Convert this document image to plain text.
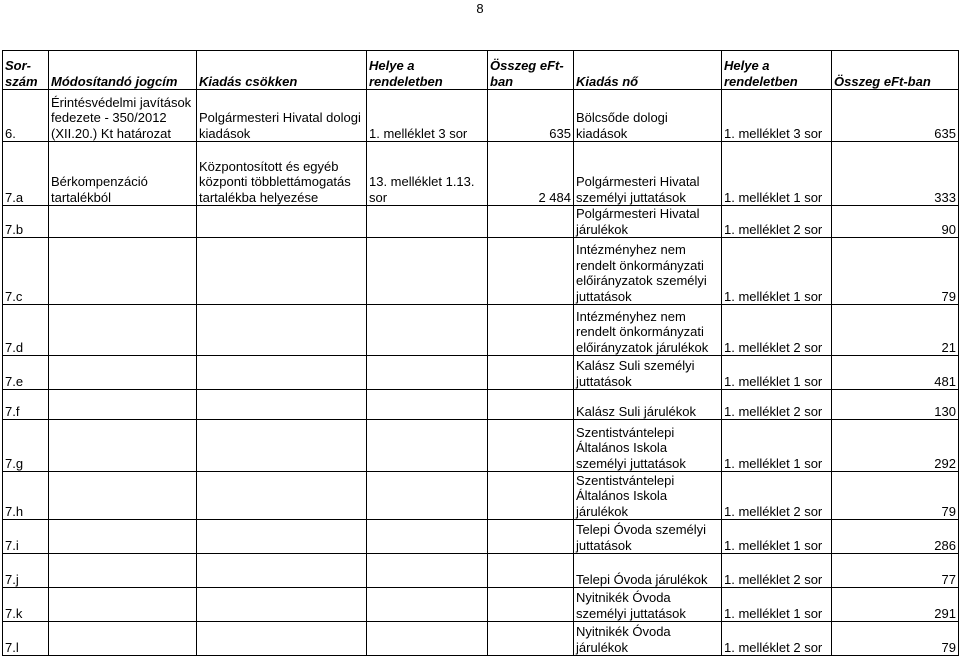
8
Sor-szám	Módosítandó jogcím	Kiadás csökken	Helye a rendeletben	Összeg eFt-ban	Kiadás nő	Helye a rendeletben	Összeg eFt-ban
6.	Érintésvédelmi javítások fedezete - 350/2012 (XII.20.) Kt határozat	Polgármesteri Hivatal dologi kiadások	1. melléklet 3 sor	635	Bölcsőde dologi kiadások	1. melléklet 3 sor	635
7.a	Bérkompenzáció tartalékból	Központosított és egyéb központi többlettámogatás tartalékba helyezése	13. melléklet 1.13. sor	2 484	Polgármesteri Hivatal személyi juttatások	1. melléklet 1 sor	333
7.b					Polgármesteri Hivatal járulékok	1. melléklet 2 sor	90
7.c					Intézményhez nem rendelt önkormányzati előirányzatok személyi juttatások	1. melléklet 1 sor	79
7.d					Intézményhez nem rendelt önkormányzati előirányzatok járulékok	1. melléklet 2 sor	21
7.e					Kalász Suli személyi juttatások	1. melléklet 1 sor	481
7.f					Kalász Suli járulékok	1. melléklet 2 sor	130
7.g					Szentistvántelepi Általános Iskola személyi juttatások	1. melléklet 1 sor	292
7.h					Szentistvántelepi Általános Iskola járulékok	1. melléklet 2 sor	79
7.i					Telepi Óvoda személyi juttatások	1. melléklet 1 sor	286
7.j					Telepi Óvoda járulékok	1. melléklet 2 sor	77
7.k					Nyitnikék Óvoda személyi juttatások	1. melléklet 1 sor	291
7.l					Nyitnikék Óvoda járulékok	1. melléklet 2 sor	79
